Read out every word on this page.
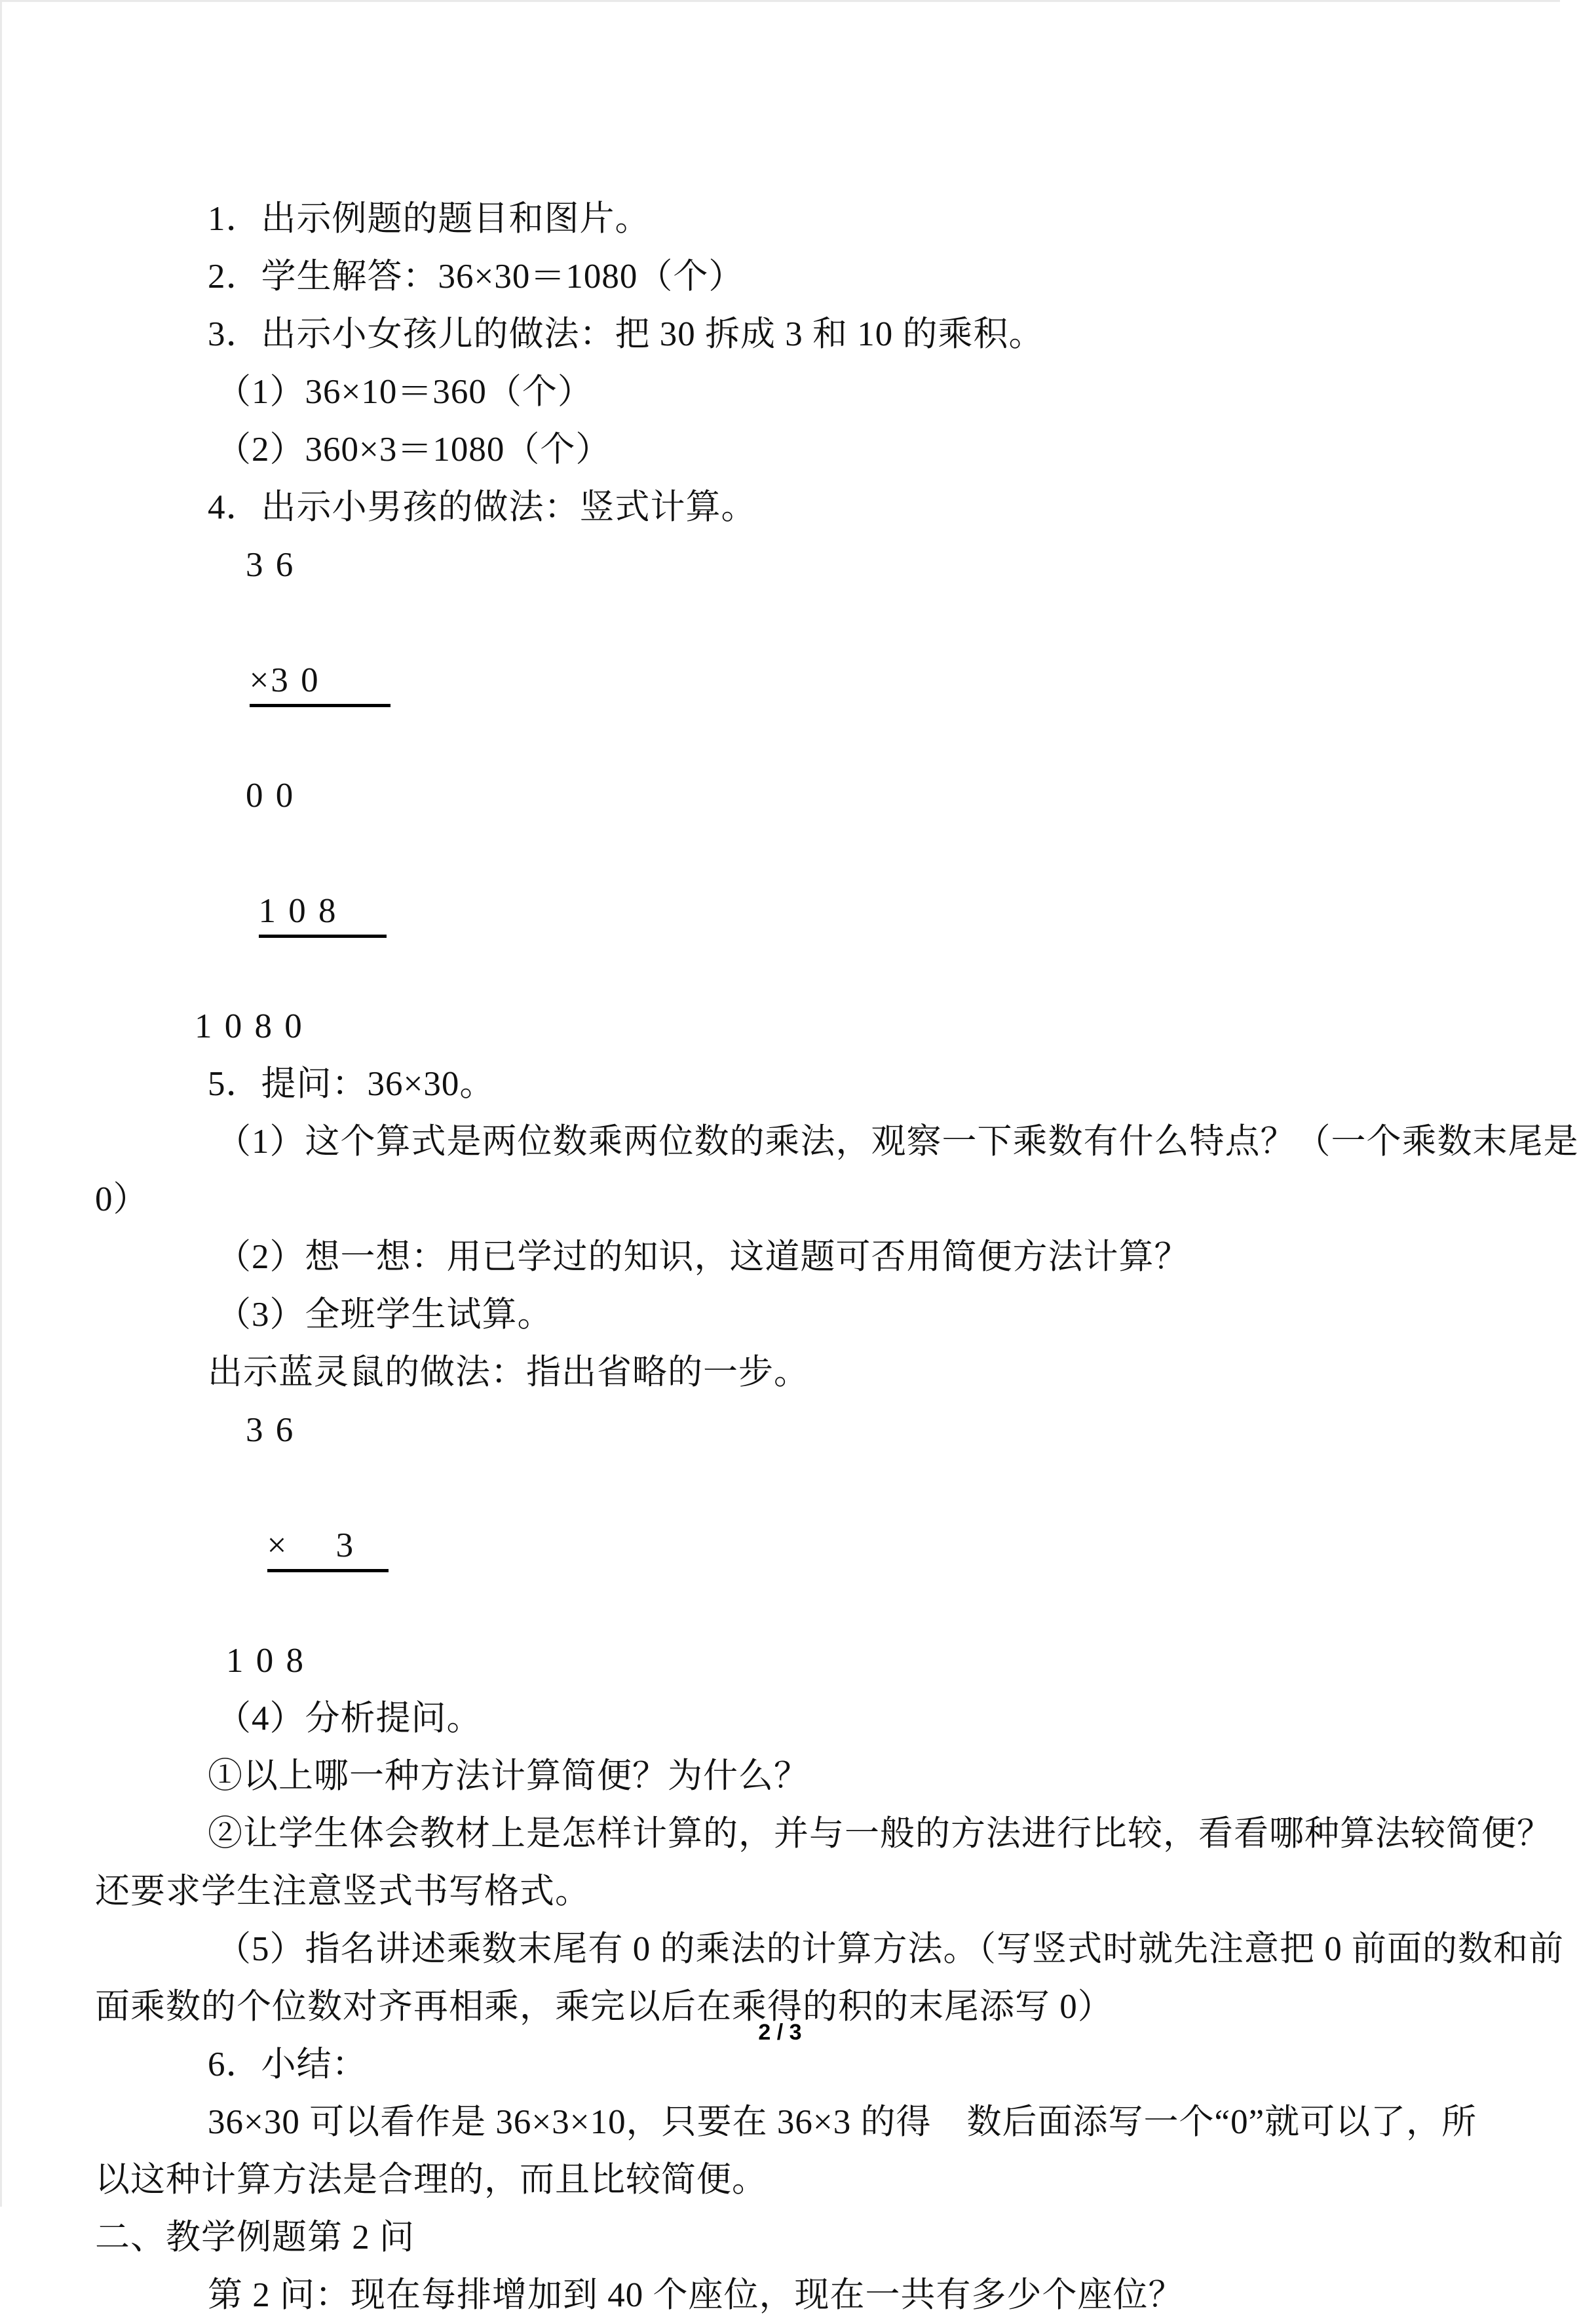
1．出示例题的题目和图片。
2．学生解答：36×30＝1080（个）
3．出示小女孩儿的做法：把 30 拆成 3 和 10 的乘积。
（1）36×10＝360（个）
（2）360×3＝1080（个）
4．出示小男孩的做法：竖式计算。
3 6

×3 0

0 0

1 0 8

1 0 8 0
5．提问：36×30。
（1）这个算式是两位数乘两位数的乘法，观察一下乘数有什么特点？（一个乘数末尾是
0）
（2）想一想：用已学过的知识，这道题可否用简便方法计算？
（3）全班学生试算。
出示蓝灵鼠的做法：指出省略的一步。
3 6

×　 3

1 0 8
（4）分析提问。
①以上哪一种方法计算简便？为什么？
②让学生体会教材上是怎样计算的，并与一般的方法进行比较，看看哪种算法较简便？
还要求学生注意竖式书写格式。
（5）指名讲述乘数末尾有 0 的乘法的计算方法。（写竖式时就先注意把 0 前面的数和前
面乘数的个位数对齐再相乘，乘完以后在乘得的积的末尾添写 0）
6．小结：
36×30 可以看作是 36×3×10，只要在 36×3 的得　数后面添写一个“0”就可以了，所
以这种计算方法是合理的，而且比较简便。
二、教学例题第 2 问
第 2 问：现在每排增加到 40 个座位，现在一共有多少个座位？
2 / 3
